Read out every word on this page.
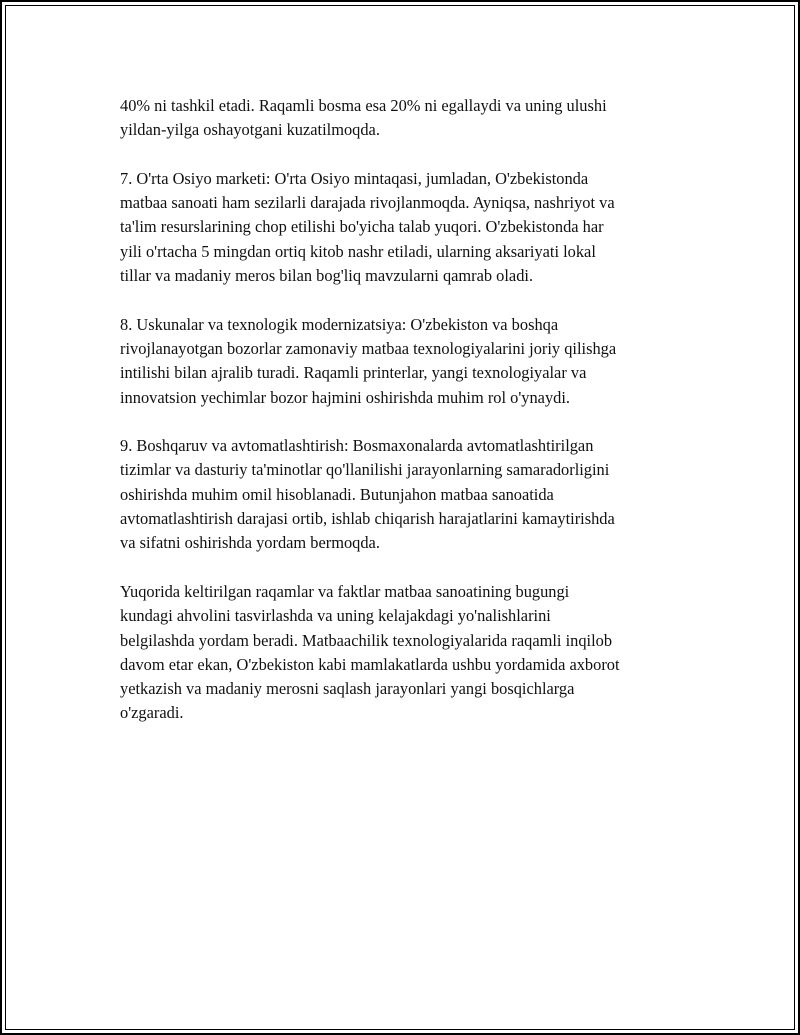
40% ni tashkil etadi. Raqamli bosma esa 20% ni egallaydi va uning ulushi
yildan-yilga oshayotgani kuzatilmoqda.

7. O'rta Osiyo marketi: O'rta Osiyo mintaqasi, jumladan, O'zbekistonda
matbaa sanoati ham sezilarli darajada rivojlanmoqda. Ayniqsa, nashriyot va
ta'lim resurslarining chop etilishi bo'yicha talab yuqori. O'zbekistonda har
yili o'rtacha 5 mingdan ortiq kitob nashr etiladi, ularning aksariyati lokal
tillar va madaniy meros bilan bog'liq mavzularni qamrab oladi.

8. Uskunalar va texnologik modernizatsiya: O'zbekiston va boshqa
rivojlanayotgan bozorlar zamonaviy matbaa texnologiyalarini joriy qilishga
intilishi bilan ajralib turadi. Raqamli printerlar, yangi texnologiyalar va
innovatsion yechimlar bozor hajmini oshirishda muhim rol o'ynaydi.

9. Boshqaruv va avtomatlashtirish: Bosmaxonalarda avtomatlashtirilgan
tizimlar va dasturiy ta'minotlar qo'llanilishi jarayonlarning samaradorligini
oshirishda muhim omil hisoblanadi. Butunjahon matbaa sanoatida
avtomatlashtirish darajasi ortib, ishlab chiqarish harajatlarini kamaytirishda
va sifatni oshirishda yordam bermoqda.

Yuqorida keltirilgan raqamlar va faktlar matbaa sanoatining bugungi
kundagi ahvolini tasvirlashda va uning kelajakdagi yo'nalishlarini
belgilashda yordam beradi. Matbaachilik texnologiyalarida raqamli inqilob
davom etar ekan, O'zbekiston kabi mamlakatlarda ushbu yordamida axborot
yetkazish va madaniy merosni saqlash jarayonlari yangi bosqichlarga
o'zgaradi.
